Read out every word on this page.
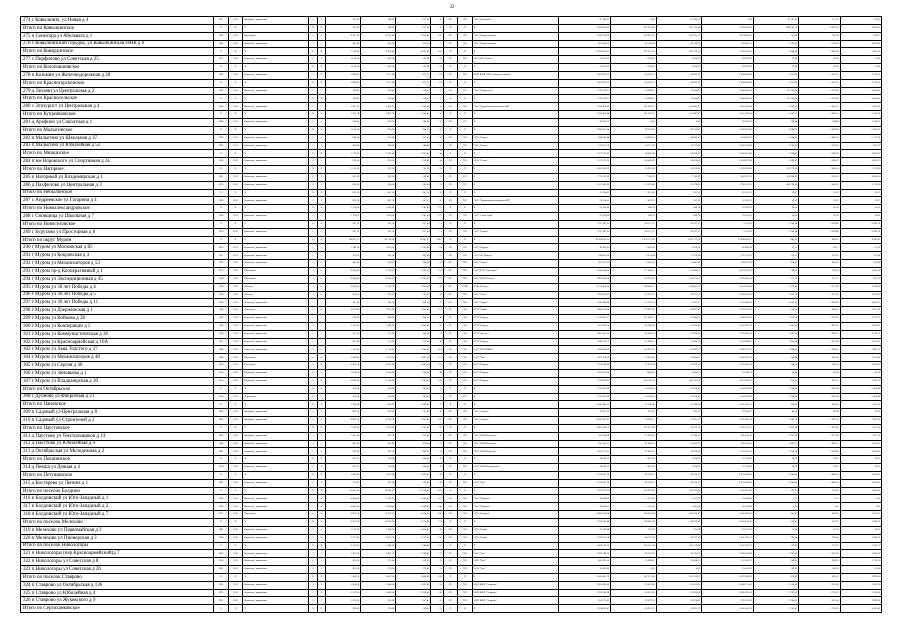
32
274 с Ковылкино, ул Новая д 4	1951	2012	Каменные, кирпичные	2	2	785,20	784,80	372,50	16	РО	УК	ООО "Заготовка"	87 190,11	0,00	87 190,11	0,00	87 190,11	111,05	111,05
Итого по Ковылкинское	X	X	X	X	X	785,20	784,80	372,50	16	X	X	X	4 598 985,02	207 214,49	207 214,49	3 784 556,04	896 693,55	4 663,62	4 663,62
275 п Сенигора ул Абельвата д 1	1985	2012	Панельные	5	4	4 413,10	4 065,40	3 354,40	165	РО	УК	ООО "Коммунальник"	3 345 076,96	165 075,25	165 075,25	3 014 926,50	741,89	741,89	296,35
276 с Ковылкинский городок, ул Ковылкинская ПМК д 6	1962	2012	Каменные, кирпичные	2	2	905,90	853,00	853,00	17	РО	УК	ООО "Коммунальник"	853 908,06	42 139,28	42 139,28	769 629,51	2 199,09	2 199,09	4 950,98
Итого по Ковардинское	X	X	X	X	X	5 319,00	4 918,40	4 207,40	182	X	X	X	4 198 985,02	207 214,53	207 214,53	3 784 556,01	2 940,98	2 940,98	5 247,33
277 с Пирфилово ул Советская д 35	1977	2011	Каменные, кирпичные	2	2	1 014,20	964,30	569,60	24	РО	УК	ООО УК "Светлое"	32 074,22	1 039,20	1 039,20	29 995,63	31,49	31,49	31,49
Итого по Колоповшивское	X	X	X	X	X	1 014,20	964,30	569,60	24	X	X	X	32 074,22	1 039,20	1 039,20	29 995,63	31,49	31,49	31,49
278 п Козьмин ул Железнодорожная д 28	1987	2011	Каменные, кирпичные	3	3	2 096,93	1 257,60	973,15	63	РО	УК	МУП ЖКХ "УК Собинского района"	2 203 993,12	84 343,73	84 343,73	2 038 290,84	1 031,47	1 031,47	3 519,16
Итого по Красногорскенское	X	X	X	X	X	2 096,93	1 257,60	973,15	63	X	X	X	2 203 993,12	84 343,73	84 343,73	2 038 290,84	1 031,47	1 031,47	3 519,16
279 д Лисини ул Центральная д 2	1967	2011	Каменные, кирпичные	2	2	782,00	730,00	730,00	12	РО	ЕУ	ООО "Энергосети"	1 714 725,97	16 968,95	16 968,95	1 340 459,38	357 297,64	2 259,28	4 954,00
Итого по Красносельское	X	X	X	X	X	782,00	730,00	730,00	12	X	X	X	1 714 725,97	16 968,95	16 968,95	1 340 459,38	357 297,64	2 259,28	4 954,00
280 с Эгизурист ул Центральная д 4	1964	2012	Каменные, кирпичные	2	2	1 507,70	1 432,70	1 206,40	32	РО	УК	ООО "Управляющая компания ЖЕ"	3 294 473,86	121 647,97	121 647,97	3 031 378,64	2 087,31	2 087,31	2 412,29
Итого по Куприяновское	X	X	X	X	X	1 507,70	1 432,70	1 206,40	32	X	X	X	3 294 473,86	121 647,97	121 647,97	3 031 378,64	2 087,31	2 087,31	2 412,29
281 д Арефино ул Соколтная д 1	1980	2011	Каменные, кирпичные	2	2	594,00	502,20	502,20	12	РО	ЕУ	X	36 702,52	0,00	0,00	36 702,52	109,80	109,80	1 528,61
Итого по Малыгинское	X	X	X	X	X	1 014,10	935,60	944,20	22	X	X	X	2 996 871,44	99 523,82	99 523,82	1 897 837,80	2 289,92	2 289,92	5 283,63
282 п Малыгино ул Школьная д 37	1962	2011	Каменные, кирпичные	2	2	689,30	635,40	635,40	18	РО	УК	ООО "Гранит"	944 083,86	44 000,03	44 000,03	854 447,85	2 000,02	2 000,02	5 177,34
283 п Малыгино ул Юбилейная д 52	1962	2011	Каменные, кирпичные	2	2	490,00	388,00	388,00	12	РО	УК	ООО "Гранит"	1 152 811,58	54 715,88	54 715,88	1 043 379,80	2 526,85	2 526,85	5 283,63
Итого по Мищинское	X	X	X	X	X	1 179,30	1 023,40	1 023,40	30	X	X	X	1 577 675,93	68 428,42	68 428,42	1 438 817,88	1 696,87	1 696,87	4 965,07
284 п им Воровского ул Спортивная д 2а	1960	2012	Каменные, кирпичные	3	2	992,00	936,00	936,00	44	РО	УК	ООО "Гелиос"	1 577 675,93	68 428,42	68 428,42	1 438 817,88	1 696,87	1 696,87	4 965,07
Итого по Нагорное	X	X	X	X	X	1 218,10	701,90	701,90	24	X	X	X	3 061 385,39	30 919,49	30 919,49	2 339 209,08	632 575,20	2 460,24	5 579,00
285 п Нагорный ул Владимирская д 1	1961	2012	Каменные, кирпичные	2	2	661,20	202,00	202,00	12	РО	ЕУ	X	773 921,39	7 740,19	7 740,19	603 197,13	162 984,07	2 145,25	4 982,01
286 д Пахфилово ул Центральная д 3	1970	2012	Каменные, кирпичные	2	2	694,90	500,00	500,00	12	РО	ЕУ	X	2 227 462,00	22 278,00	22 278,00	1 736 011,95	469 591,20	2 603,52	5 579,00
Итого по Небылинское	X	X	X	X	X	695,90	647,10	647,10	16	X	X	X	23 534,01	1 023,01	202,19	22 259,21	33,07	33,07	33,07
287 с Андреевское ул Гагарина д 4	1963	2012	Каменные, кирпичные	2	2	695,90	647,10	647,10	16	РО	УК	ООО "Управляющая компания ЖЕ"	23 534,01	1 023,01	202,19	22 259,21	33,07	33,07	33,07
Итого по Новоалександровское	X	X	X	X	X	1 156,00	1 066,00	1 782,00	172	X	X	X	65 268,86	648,78	648,78	63 970,82	20,02	20,02	20,02
288 с Сновщица ул Школьная д 7	1958	2011	Каменные, кирпичные	3	3	1 156,00	1 066,00	1 782,00	172	РО	УК	ООО "СпецСтрой"	65 268,86	648,78	648,78	63 970,82	20,02	20,02	20,02
Итого по Новоселовское	X	X	X	X	X	545,10	545,10	275,00	11	X	X	X	1 797 583,65	60 727,57	60 727,57	2 193,50	3 298,48	3 298,48	9 946,26
289 с Бурухово ул Просторная д 8	1970	2012	Каменные, кирпичные	2	2	545,10	545,10	275,00	11	РО	УК	ООО "Гранит"	1 797 583,65	60 727,57	60 727,57	2 193,50	3 298,48	3 298,48	9 946,26
Итого по округ Муром	X	X	X	X	X	46 561,75	43 374,00	16 647,37	2 018	X	X	X	30 104 066,15	1 676 773,59	1 676 773,59	25 838 434,07	886,81	886,81	4 945,90
290 г Муром ул Московская д 85	1953	2011	Каменные, кирпичные	2	2	1 148,10	1 070,20	1 160,00	64	РО	УК	ООО "Корунд"	48 169,65	2 658,58	2 658,58	42 850,49	29,17	29,17	25,39
291 г Муром ул Кокровская д 3	1957	2011	Каменные, кирпичные	2	2	572,00	530,10	462,00	11	РО	УК	ООО УК "Корунд"	148 831,69	6 574,44	6 574,44	135 722,81	259,67	259,67	721,88
292 г Муром ул Механизаторов д 53	1962	2011	Каменные, кирпичные	2	2	467,00	434,00	294,00	12	РО	УК	ООО "Гарант"	202 163,93	8 641,43	8 641,43	184 877,03	424,01	424,01	432,89
293 г Муром пр-д Кооперативный д 1	1955	2011	Панельные	5	4	4 091,00	3 790,00	3 266,10	155	РО	УК	ООО ДУК "Гарантпро"	5 044 508,68	217 640,52	217 640,52	4 613 227,66	789,63	789,63	1 035,38
294 г Муром ул Экспедиционная д 45	1964	2012	Панельные	5	4	4 498,00	4 043,00	3 583,40	172	РО	УК	ООО "ЖЭУ Южное"	3 861 900,90	143 076,62	143 076,62	3 074 956,14	517,23	517,23	692,21
295 г Муром ул 30 лет Победы д 4	1968	2011	Блочные	5	4	1 899,00	1 760,70	1 900,40	66	РО	ТСЖ	ТСЖ "Победа"	4 214 356,34	180 082,13	180 082,13	3 854 192,08	2 172,80	2 172,80	3 038,93
296 г Муром ул 30 лет Победы д 5	1968	2012	Блочные	5	4	855,00	785,00	785,00	42	РО	УК	ООО "Овал"	1 193 903,91	50 973,55	50 973,55	1 090 956,85	1 955,36	1 955,36	4 579,89
297 г Муром ул 30 лет Победы д 11	1969	2011	Каменные, кирпичные	2	2	205,70	346,10	446,10	19	РО	УК	ООО "Гарант"	1 222 484,89	51 237,53	51 237,53	1 110 009,83	2 059,89	2 059,89	4 070,07
298 г Муром ул Дзержинская д 1	1969	2011	Панельные	5	4	4 072,80	3 991,00	2 964,00	211	РО	УК	ООО "Гарант"	2 808 230,86	119 097,47	119 097,47	2 570 035,92	644,33	644,33	1 035,38
299 г Муром ул Войкова д 28	1962	2012	Каменные, кирпичные	2	2	876,40	808,00	864,50	40	РО	УК	ООО "Корунд"	2 612 097,37	111 642,21	111 642,21	2 389 412,93	2 676,93	2 676,93	4 737,37
300 г Муром ул Кооперации д 5	1958	2012	Каменные, кирпичные	3	3	2 567,00	2 449,00	2 400,00	83	РО	УК	ООО "Корунд"	1 567 926,10	66 998,46	66 998,46	1 433 929,18	2 001,91	2 001,91	4 000,00
301 г Муром ул Коммунистическая д 36	1960	2012	Каменные, кирпичные	2	2	761,60	631,00	480,10	21	РО	УК	ООО "Дальнее"	1 863 441,33	83 099,09	83 099,09	1 799 041,43	2 689,76	2 689,76	4 739,20
302 г Муром ул Красноармейская д 10А	1957	2012	Каменные, кирпичные	2	2	897,40	575,00	556,00	44	РО	УК	ООО "Корунд"	1 249 074,72	52 988,13	52 988,13	1 134 069,07	1 941,98	1 941,98	4 927,95
303 г Муром ул Льва Толстого д 37	1960	2012	Каменные, кирпичные	3	3	1 111,44	1 716,40	1 680,60	101	РО	УК	ООО "ПРАКТИКА"	1 944 828,04	125 697,67	125 697,67	2 690 253,37	1 944,02	1 944,02	3 497,51
304 г Муром ул Механизаторов д 48	1960	2012	Панельные	4	4	3 240,00	2 631,00	2 467,10	123	РО	УК	ООО "Уют"	1 693 134,04	72 454,36	72 454,36	1 548 265,32	345,64	345,64	1 301,88
305 г Муром ул Сергия д 40	1969	2011	Панельные	5	4	4 960,10	3 993,60	3 603,50	193	РО	УК	ООО "Корунд"	1 703 984,96	72 859,36	72 859,36	1 559 366,24	369,30	369,30	4 978,83
306 г Муром ул Зиновьева д 1	1958	2012	Каменные, кирпичные	2	2	1 024,00	1 000,00	968,00	48	РО	УК	ООО "Корунд"	1 856 833,00	3 460,61	3 460,61	78 338,73	39,80	39,80	95,08
307 г Муром ул Владимирская д 30	1964	2012	Каменные, кирпичные	5	4	4 099,00	3 500,00	3 300,00	143	РО	УК	ООО "Корунд"	7 138 960,93	306 745,93	306 745,93	6 515 469,07	821,01	821,01	1 936,70
Итого по Октябрьское	X	X	X	X	X	260,90	200,00	200,00	6	X	X	X	1 233 472,09	54 368,83	54 368,83	1 144 738,83	2 982,44	2 982,44	5 408,44
308 с Дубново ул Фабричная д 21	1958	2011	Деревянные	2	1	260,90	200,00	200,00	6	РО	ЕУ	X	1 233 472,09	54 368,83	54 368,83	1 144 738,83	2 982,44	2 982,44	5 408,44
Итого по Пановское	X	X	X	X	X	1 290,60	1 200,60	1 200,00	37	X	X	X	4 042 804,73	53 248,06	53 248,06	6 736 907,81	920,00	920,00	5 287,00
309 п Садовый ул Центральная д 8	1965	2012	Каменные, кирпичные	2	2	608,70	525,00	525,00	36	РО	УК	ООО "Альянс"	29 567,72	322,95	322,95	29 244,77	48,58	48,58	56,32
310 п Садовый ул Строителей д 2	1963	2012	Каменные, кирпичные	5	4	4 066,70	3 666,10	3 302,00	162	РО	УК	ООО "Альянс"	4 013 297,01	52 925,11	52 925,11	6 707 663,14	1 201,36	1 201,36	5 287,00
Итого по Паустовское	X	X	X	X	X	1 839,30	1 636,80	1 109,00	60	X	X	X	2 866 369,52	121 312,98	98 152,74	2 630 312,11	1 870,69	1 870,69	3 157,16
311 д Паустово ул Текстильщиков д 14	1965	2011	Каменные, кирпичные	3	2	1 061,50	962,10	656,00	36	РО	УК	ООО "ЖЭК Паустово"	631 269,29	27 658,59	22 348,37	601 146,42	2 223,94	2 223,94	5 217,16
312 д Паустово ул Юбилейная д 9	1969	2012	Каменные, кирпичные	3	2	497,30	410,40	413,00	21	РО	УК	ООО "ЖЭК Паустово"	978 141,51	41 828,18	33 362,99	902 750,41	1 887,11	1 887,11	3 003,03
313 д Октябрьская ул Молодежная д 3	1967	2012	Каменные, кирпичные	2	2	594,50	461,90	468,00	12	РО	УК	ООО "ЖЭК Паустово"	1 256 777,81	51 826,07	42 230,99	1 135 915,47	2 303,86	2 303,86	4 420,93
Итого по Пекшинское	X	X	X	X	X	835,70	754,00	664,60	19	X	X	X	34 344,72	1 014,93	1 014,93	32 314,96	39,22	39,22	39,22
314 д Пекша ул Дачная д 4	1974	2011	Каменные, кирпичные	2	2	835,70	754,00	664,60	19	РО	УК	ООО "ЖЭК Пекшинское"	34 344,72	1 014,93	1 014,93	32 314,96	39,22	39,22	39,22
Итого по Петушинское	X	X	X	X	X	1 064,80	1 007,00	1 007,00	20	X	X	X	1 578 081,26	49 524,12	49 524,12	1 471 038,02	2 086,42	2 086,42	4 956,60
315 д Костерево ул Ленина д 1	1961	2012	Каменные, кирпичные	2	2	771,00	761,00	761,00	20	РО	УК	ООО "Уют"	1 578 081,26	49 524,12	49 524,12	1 471 038,02	2 086,42	2 086,42	4 956,60
Итого по поселок Болдино	X	X	X	X	X	13 681,10	12 069,22	11 169,20	470	X	X	X	2 973 627,83	102 979,98	102 979,98	2 667 007,80	129,70	129,70	1 047,03
316 п Болдинский ул Юго-Западный д 1	1969	2011	Каменные, кирпичные	5	4	4 004,60	3 595,70	3 505,00	161	РО	УК	ООО "Болдино"	24 698,26	1 157,09	1 157,09	22 384,08	5,72	5,72	5,72
317 п Болдинский ул Юго-Западный д 2	1969	2011	Каменные, кирпичные	5	4	4 981,00	3 900,00	3 500,00	149	РО	УК	ООО "Болдино"	48 280,61	1 747,46	1 747,46	36 794,86	5,89	5,89	6,69
318 п Болдинский ул Юго-Западный д 7	1971	2012	Панельные	5	4	4 695,50	4 573,52	4 164,20	160	РО	УК	ООО "Болдино"	2 900 650,96	100 074,43	100 074,43	2 607 828,86	403,87	403,87	1 047,03
Итого по поселок Мелехово	X	X	X	X	X	4 291,60	4 026,00	3 775,00	174	X	X	X	2 223 093,48	89 478,49	89 478,49	2 044 136,50	519,07	519,07	1 280,22
319 п Мелехово ул Первомайская д 3	1961	2012	Каменные, кирпичные	3	2	1 519,70	1 360,30	1 050,00	24	РО	УК	ООО "Гарант"	23 782,09	755,28	755,28	22 271,54	15,65	15,65	45,91
320 п Мелехово ул Пионерская д 3	1958	2012	Каменные, кирпичные	3	4	2 771,90	2 665,70	2 725,00	150	РО	УК	ООО "Гарант"	2 199 312,59	88 727,49	88 727,49	2 001 973,61	780,00	780,00	1 280,22
Итого по поселок Никологоры	X	X	X	X	X	4 725,00	3 988,00	3 588,00	153	X	X	X	2 488 566,75	105 513,44	105 513,44	2 243 370,10	527,02	527,02	1 038,72
321 п Никологоры (пер Красноармейский)д 7	1962	2012	Каменные, кирпичные	3	3	1 421,70	1 401,50	1 500,50	73	РО	УК	ООО "Уют"	1 829 346,76	80 335,95	80 335,95	1 668 674,86	1 287,02	1 287,02	1 982,43
322 п Никологоры ул Советская д 8	1958	2012	Каменные, кирпичные	2	2	665,00	572,40	561,20	19	РО	УК	ООО "Уют"	603 826,34	26 098,01	26 098,01	551 630,32	908,02	908,02	3 178,15
323 п Никологоры ул Советская д 26	1961	2011	Каменные, кирпичные	2	2	365,20	270,00	270,00	14	РО	УК	ООО "Уют"	55 403,93	0,00	0,00	55 403,93	102,83	102,83	212,50
Итого по поселок Ставрово	X	X	X	X	X	7 108,20	6 467,00	5 888,60	228	X	X	X	6 241 441,79	187 173,00	182 318,07	5 872 368,09	878,07	878,07	1 990,00
324 п Ставрово ул Октябрьская д 136	1966	2012	Каменные, кирпичные	3	3	1 960,00	1 846,00	1 650,00	63	РО	УК	МУП ЖКХ "Ставрово"	1 992 885,80	93 478,06	90 053,20	1 808 575,45	2 261,86	2 261,86	3 363,28
325 п Ставрово ул Юбилейная д 4	1975	2012	Каменные, кирпичные	5	4	3 217,00	2 800,00	2 630,00	89	РО	УК	МУП ЖКХ "Ставрово"	2 633 580,20	64 615,62	62 890,04	2 485 092,43	2 795,19	2 795,19	3 190,00
326 п Ставрово ул Жуковского д 9	1961	2012	Каменные, кирпичные	3	2	1 093,00	965,00	963,00	41	РО	УК	МУП ЖКХ "Ставрово"	656 975,81	29 079,32	29 074,83	578 532,49	1 341,00	1 341,00	3 999,00
Итого по Сергиханковское	X	X	X	X	X	789,00	720,00	706,00	23	X	X	X	1 674 855,47	36 922,57	36 922,57	1 601 010,33	1 763,03	1 763,03	4 339,49
